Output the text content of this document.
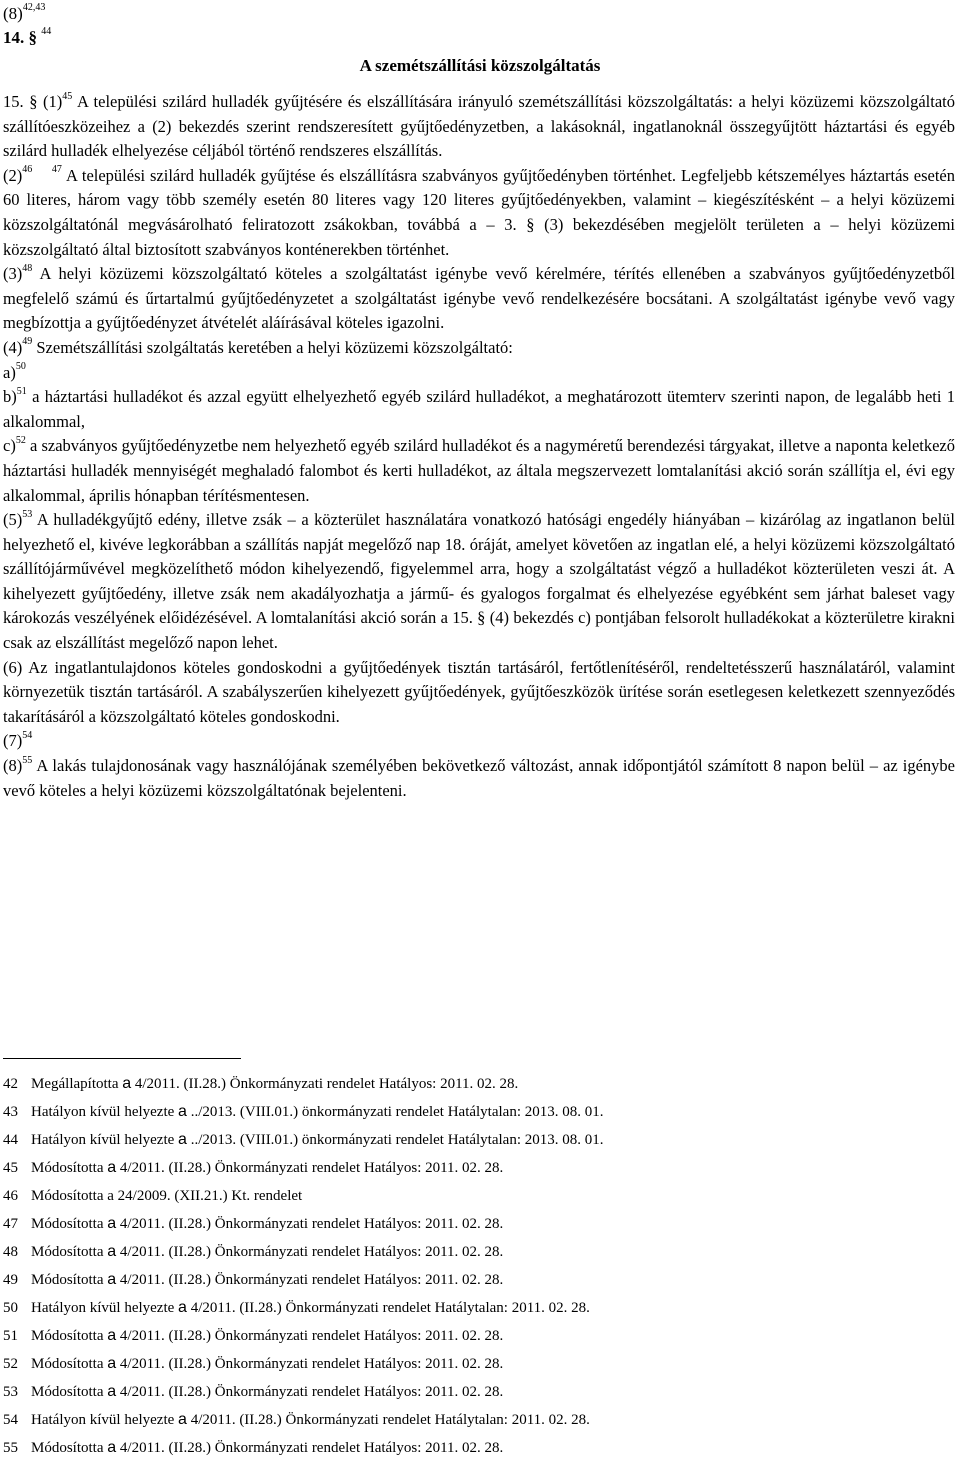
$(8)^{42,43}$
14. § $^{44}$
A szemétszállítási közszolgáltatás

15. § $(1)^{45}$ A települési szilárd hulladék gyűjtésére és elszállítására irányuló szemétszállítási közszolgáltatás: a helyi közüzemi közszolgáltató szállítóeszközeihez a (2) bekezdés szerint rendszeresített gyűjtőedényzetben, a lakásoknál, ingatlanoknál összegyűjtött háztartási és egyéb szilárd hulladék elhelyezése céljából történő rendszeres elszállítás.

$(2)^{46}$ $^{47}$ A települési szilárd hulladék gyűjtése és elszállításra szabványos gyűjtőedényben történhet. Legfeljebb kétszemélyes háztartás esetén 60 literes, három vagy több személy esetén 80 literes vagy 120 literes gyűjtőedényekben, valamint – kiegészítésként – a helyi közüzemi közszolgáltatónál megvásárolható feliratozott zsákokban, továbbá a – 3. § (3) bekezdésében megjelölt területen a – helyi közüzemi közszolgáltató által biztosított szabványos konténerekben történhet.

$(3)^{48}$ A helyi közüzemi közszolgáltató köteles a szolgáltatást igénybe vevő kérelmére, térítés ellenében a szabványos gyűjtőedényzetből megfelelő számú és űrtartalmú gyűjtőedényzetet a szolgáltatást igénybe vevő rendelkezésére bocsátani. A szolgáltatást igénybe vevő vagy megbízottja a gyűjtőedényzet átvételét aláírásával köteles igazolni.

$(4)^{49}$ Szemétszállítási szolgáltatás keretében a helyi közüzemi közszolgáltató:

a)$^{50}$

b)$^{51}$ a háztartási hulladékot és azzal együtt elhelyezhető egyéb szilárd hulladékot, a meghatározott ütemterv szerinti napon, de legalább heti 1 alkalommal,

c)$^{52}$ a szabványos gyűjtőedényzetbe nem helyezhető egyéb szilárd hulladékot és a nagyméretű berendezési tárgyakat, illetve a naponta keletkező háztartási hulladék mennyiségét meghaladó falombot és kerti hulladékot, az általa megszervezett lomtalanítási akció során szállítja el, évi egy alkalommal, április hónapban térítésmentesen.

$(5)^{53}$ A hulladékgyűjtő edény, illetve zsák – a közterület használatára vonatkozó hatósági engedély hiányában – kizárólag az ingatlanon belül helyezhető el, kivéve legkorábban a szállítás napját megelőző nap 18. óráját, amelyet követően az ingatlan elé, a helyi közüzemi közszolgáltató szállítójárművével megközelíthető módon kihelyezendő, figyelemmel arra, hogy a szolgáltatást végző a hulladékot közterületen veszi át. A kihelyezett gyűjtőedény, illetve zsák nem akadályozhatja a jármű- és gyalogos forgalmat és elhelyezése egyébként sem járhat baleset vagy károkozás veszélyének előidézésével. A lomtalanítási akció során a 15. § (4) bekezdés c) pontjában felsorolt hulladékokat a közterületre kirakni csak az elszállítást megelőző napon lehet.

(6) Az ingatlantulajdonos köteles gondoskodni a gyűjtőedények tisztán tartásáról, fertőtlenítéséről, rendeltetésszerű használatáról, valamint környezetük tisztán tartásáról. A szabályszerűen kihelyezett gyűjtőedények, gyűjtőeszközök ürítése során esetlegesen keletkezett szennyeződés takarításáról a közszolgáltató köteles gondoskodni.

$(7)^{54}$

$(8)^{55}$ A lakás tulajdonosának vagy használójának személyében bekövetkező változást, annak időpontjától számított 8 napon belül – az igénybe vevő köteles a helyi közüzemi közszolgáltatónak bejelenteni.

42 Megállapította a 4/2011. (II.28.) Önkormányzati rendelet Hatályos: 2011. 02. 28.
43 Hatályon kívül helyezte a ../2013. (VIII.01.) önkormányzati rendelet Hatálytalan: 2013. 08. 01.
44 Hatályon kívül helyezte a ../2013. (VIII.01.) önkormányzati rendelet Hatálytalan: 2013. 08. 01.
45 Módosította a 4/2011. (II.28.) Önkormányzati rendelet Hatályos: 2011. 02. 28.
46 Módosította a 24/2009. (XII.21.) Kt. rendelet
47 Módosította a 4/2011. (II.28.) Önkormányzati rendelet Hatályos: 2011. 02. 28.
48 Módosította a 4/2011. (II.28.) Önkormányzati rendelet Hatályos: 2011. 02. 28.
49 Módosította a 4/2011. (II.28.) Önkormányzati rendelet Hatályos: 2011. 02. 28.
50 Hatályon kívül helyezte a 4/2011. (II.28.) Önkormányzati rendelet Hatálytalan: 2011. 02. 28.
51 Módosította a 4/2011. (II.28.) Önkormányzati rendelet Hatályos: 2011. 02. 28.
52 Módosította a 4/2011. (II.28.) Önkormányzati rendelet Hatályos: 2011. 02. 28.
53 Módosította a 4/2011. (II.28.) Önkormányzati rendelet Hatályos: 2011. 02. 28.
54 Hatályon kívül helyezte a 4/2011. (II.28.) Önkormányzati rendelet Hatálytalan: 2011. 02. 28.
55 Módosította a 4/2011. (II.28.) Önkormányzati rendelet Hatályos: 2011. 02. 28.
